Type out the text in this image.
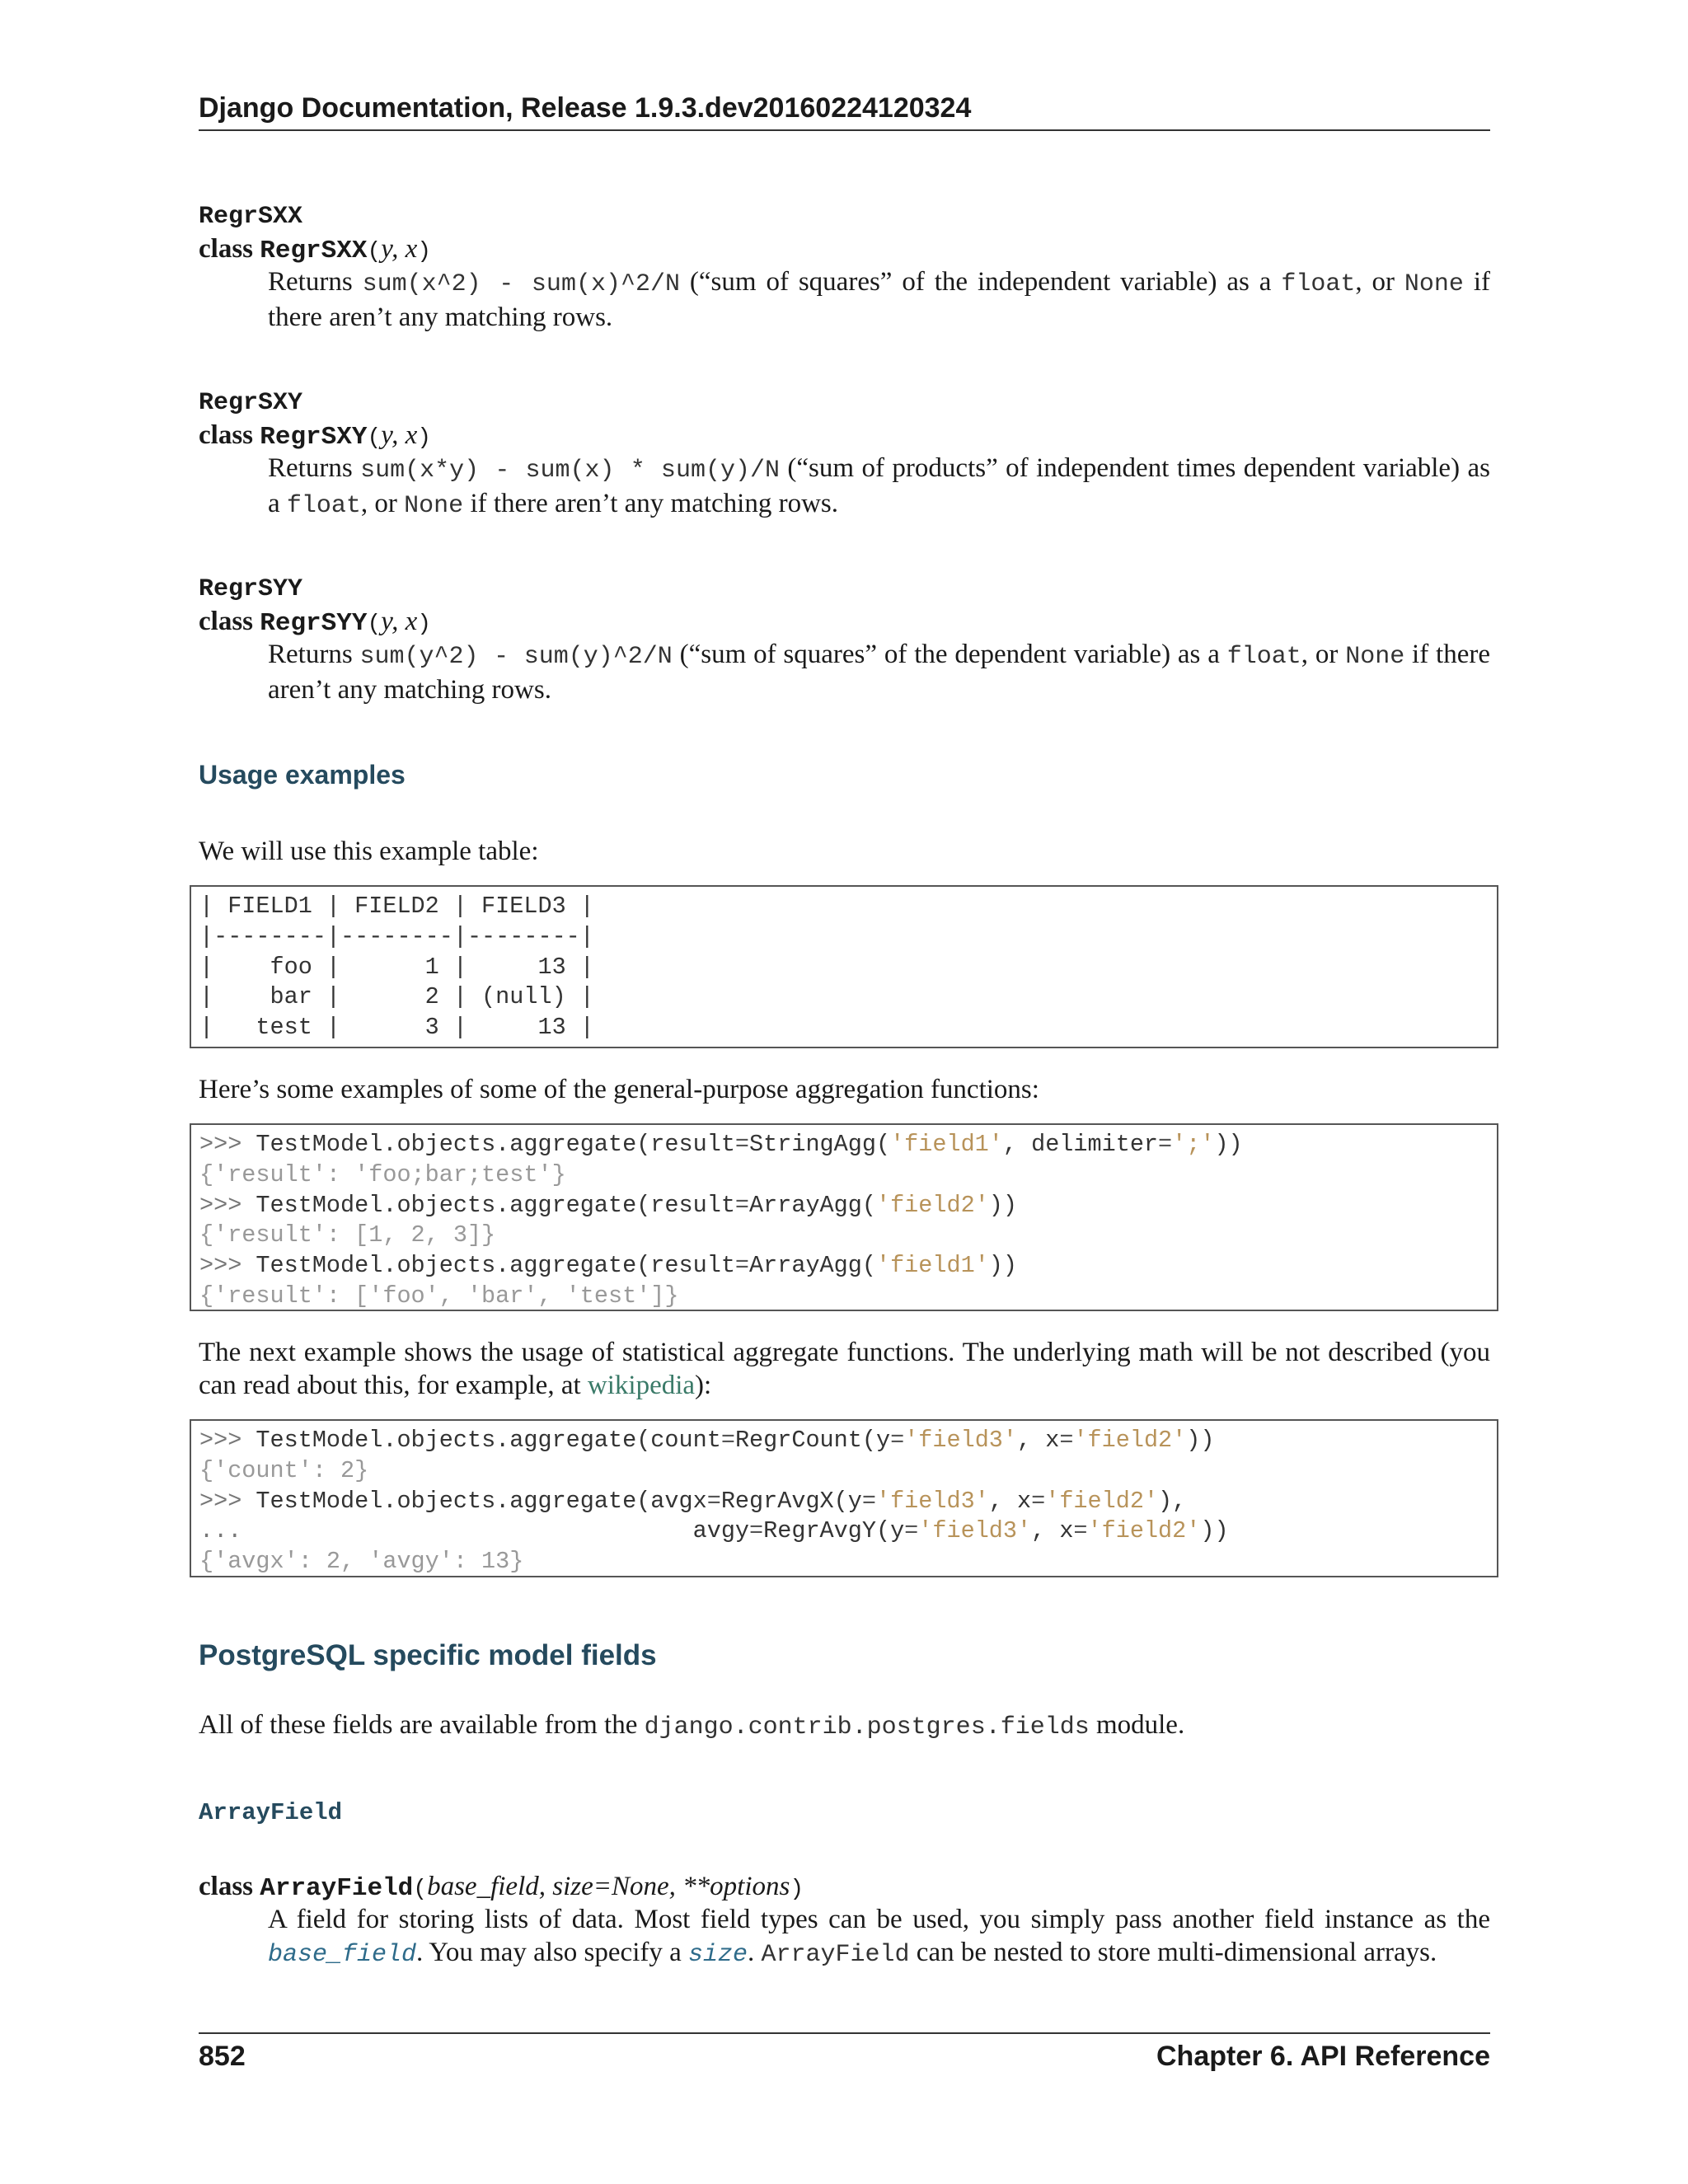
Django Documentation, Release 1.9.3.dev20160224120324
RegrSXX
class RegrSXX(y, x)
Returns sum(x^2) - sum(x)^2/N (“sum of squares” of the independent variable) as a float, or None if there aren’t any matching rows.
RegrSXY
class RegrSXY(y, x)
Returns sum(x*y) - sum(x) * sum(y)/N (“sum of products” of independent times dependent variable) as a float, or None if there aren’t any matching rows.
RegrSYY
class RegrSYY(y, x)
Returns sum(y^2) - sum(y)^2/N (“sum of squares” of the dependent variable) as a float, or None if there aren’t any matching rows.
Usage examples
We will use this example table:
| FIELD1 | FIELD2 | FIELD3 |
|--------|--------|--------|
|    foo |      1 |     13 |
|    bar |      2 | (null) |
|   test |      3 |     13 |
Here’s some examples of some of the general-purpose aggregation functions:
>>> TestModel.objects.aggregate(result=StringAgg('field1', delimiter=';'))
{'result': 'foo;bar;test'}
>>> TestModel.objects.aggregate(result=ArrayAgg('field2'))
{'result': [1, 2, 3]}
>>> TestModel.objects.aggregate(result=ArrayAgg('field1'))
{'result': ['foo', 'bar', 'test']}
The next example shows the usage of statistical aggregate functions. The underlying math will be not described (you can read about this, for example, at wikipedia):
>>> TestModel.objects.aggregate(count=RegrCount(y='field3', x='field2'))
{'count': 2}
>>> TestModel.objects.aggregate(avgx=RegrAvgX(y='field3', x='field2'),
...                                avgy=RegrAvgY(y='field3', x='field2'))
{'avgx': 2, 'avgy': 13}
PostgreSQL specific model fields
All of these fields are available from the django.contrib.postgres.fields module.
ArrayField
class ArrayField(base_field, size=None, **options)
A field for storing lists of data. Most field types can be used, you simply pass another field instance as the base_field. You may also specify a size. ArrayField can be nested to store multi-dimensional arrays.
852	Chapter 6. API Reference
